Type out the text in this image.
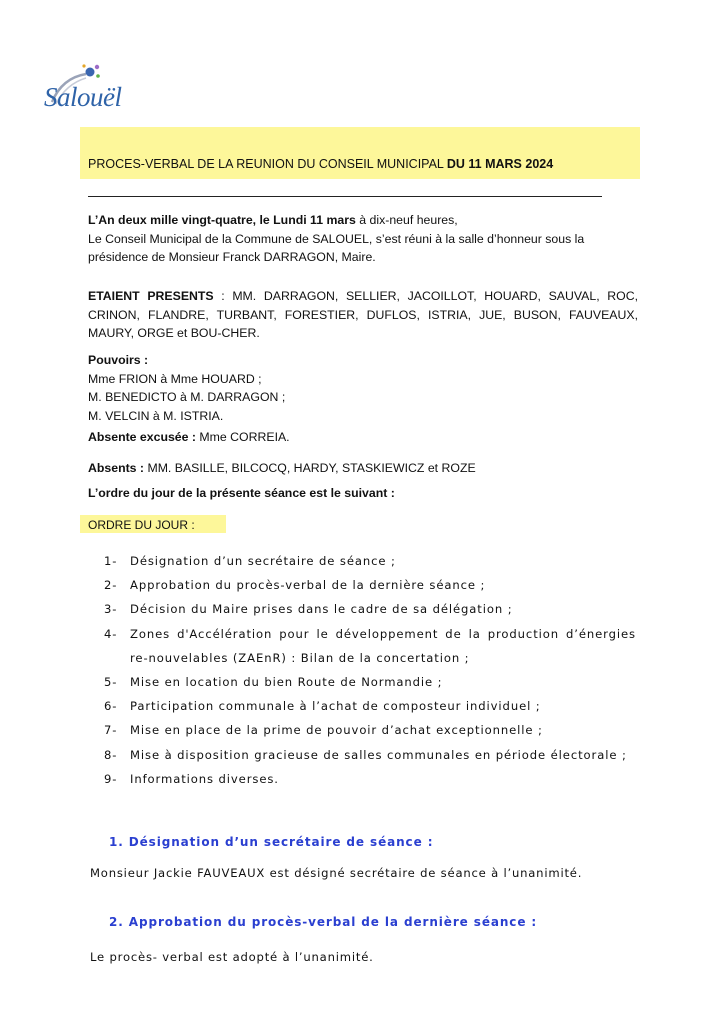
Salouël
PROCES-VERBAL DE LA REUNION DU CONSEIL MUNICIPAL DU 11 MARS 2024
L’An deux mille vingt-quatre, le Lundi 11 mars à dix-neuf heures,
Le Conseil Municipal de la Commune de SALOUEL, s’est réuni à la salle d’honneur sous la présidence de Monsieur Franck DARRAGON, Maire.
ETAIENT PRESENTS : MM. DARRAGON, SELLIER, JACOILLOT, HOUARD, SAUVAL, ROC, CRINON, FLANDRE, TURBANT, FORESTIER, DUFLOS, ISTRIA, JUE, BUSON, FAUVEAUX, MAURY, ORGE et BOU-CHER.
Pouvoirs :
Mme FRION à Mme HOUARD ;
M. BENEDICTO à M. DARRAGON ;
M. VELCIN à M. ISTRIA.
Absente excusée : Mme CORREIA.
Absents : MM. BASILLE, BILCOCQ, HARDY, STASKIEWICZ et ROZE
L’ordre du jour de la présente séance est le suivant :
ORDRE DU JOUR :
1- Désignation d’un secrétaire de séance ;
2- Approbation du procès-verbal de la dernière séance ;
3- Décision du Maire prises dans le cadre de sa délégation ;
4- Zones d'Accélération pour le développement de la production d’énergies re-nouvelables (ZAEnR) : Bilan de la concertation ;
5- Mise en location du bien Route de Normandie ;
6- Participation communale à l’achat de composteur individuel ;
7- Mise en place de la prime de pouvoir d’achat exceptionnelle ;
8- Mise à disposition gracieuse de salles communales en période électorale ;
9- Informations diverses.
1. Désignation d’un secrétaire de séance :
Monsieur Jackie FAUVEAUX est désigné secrétaire de séance à l’unanimité.
2. Approbation du procès-verbal de la dernière séance :
Le procès- verbal est adopté à l’unanimité.
